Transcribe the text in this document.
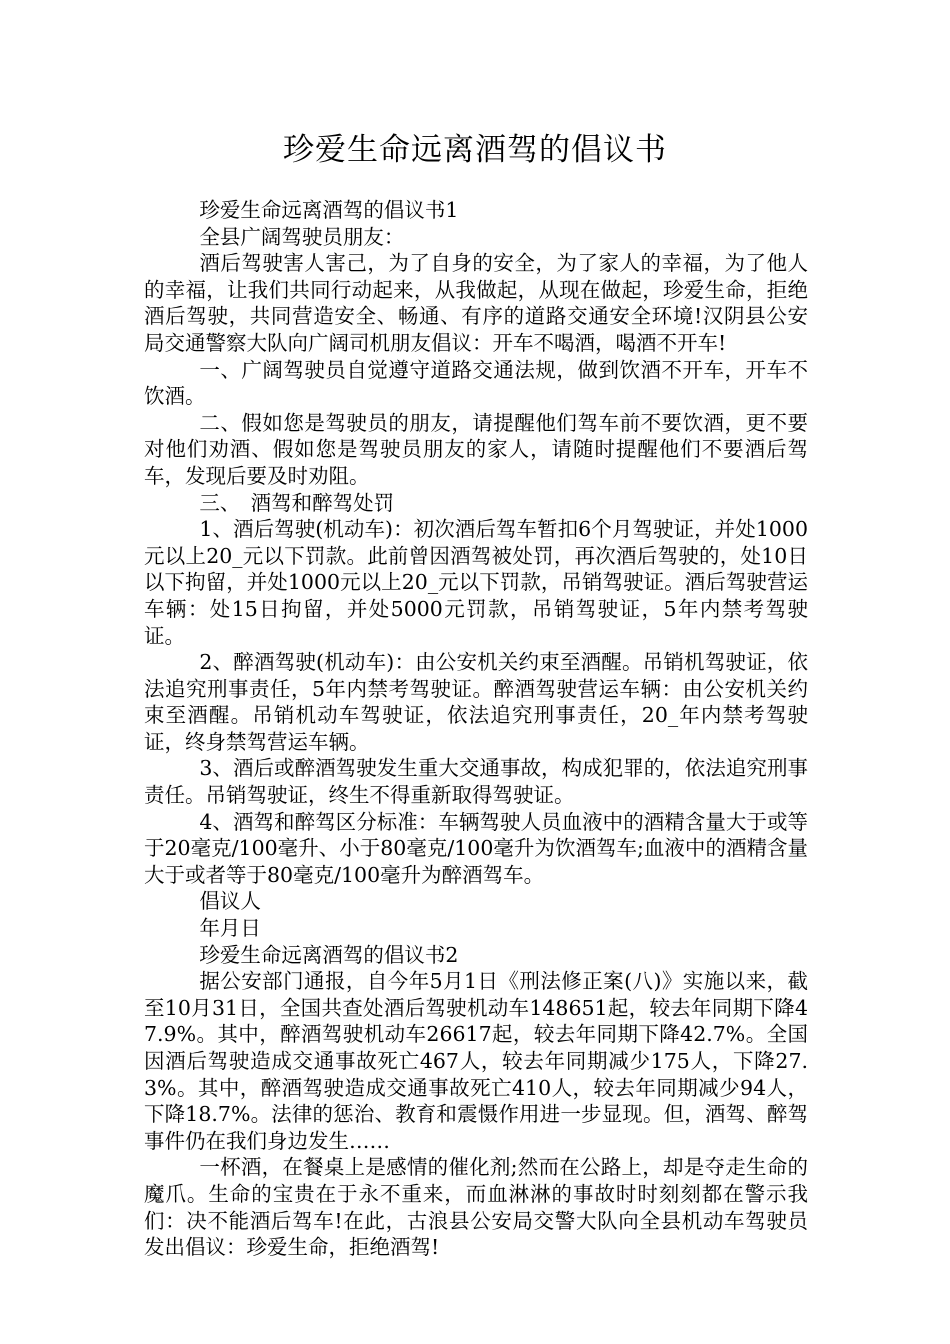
珍爱生命远离酒驾的倡议书

珍爱生命远离酒驾的倡议书1

全县广阔驾驶员朋友：

酒后驾驶害人害己，为了自身的安全，为了家人的幸福，为了他人的幸福，让我们共同行动起来，从我做起，从现在做起，珍爱生命，拒绝酒后驾驶，共同营造安全、畅通、有序的道路交通安全环境!汉阴县公安局交通警察大队向广阔司机朋友倡议：开车不喝酒，喝酒不开车!

一、广阔驾驶员自觉遵守道路交通法规，做到饮酒不开车，开车不饮酒。

二、假如您是驾驶员的朋友，请提醒他们驾车前不要饮酒，更不要对他们劝酒、假如您是驾驶员朋友的家人，请随时提醒他们不要酒后驾车，发现后要及时劝阻。

三、　酒驾和醉驾处罚

1、酒后驾驶(机动车)：初次酒后驾车暂扣6个月驾驶证，并处1000元以上20_元以下罚款。此前曾因酒驾被处罚，再次酒后驾驶的，处10日以下拘留，并处1000元以上20_元以下罚款，吊销驾驶证。酒后驾驶营运车辆：处15日拘留，并处5000元罚款，吊销驾驶证，5年内禁考驾驶证。

2、醉酒驾驶(机动车)：由公安机关约束至酒醒。吊销机驾驶证，依法追究刑事责任，5年内禁考驾驶证。醉酒驾驶营运车辆：由公安机关约束至酒醒。吊销机动车驾驶证，依法追究刑事责任，20_年内禁考驾驶证，终身禁驾营运车辆。

3、酒后或醉酒驾驶发生重大交通事故，构成犯罪的，依法追究刑事责任。吊销驾驶证，终生不得重新取得驾驶证。

4、酒驾和醉驾区分标准：车辆驾驶人员血液中的酒精含量大于或等于20毫克/100毫升、小于80毫克/100毫升为饮酒驾车;血液中的酒精含量大于或者等于80毫克/100毫升为醉酒驾车。

倡议人

年月日

珍爱生命远离酒驾的倡议书2

据公安部门通报，自今年5月1日《刑法修正案(八)》实施以来，截至10月31日，全国共查处酒后驾驶机动车148651起，较去年同期下降47.9%。其中，醉酒驾驶机动车26617起，较去年同期下降42.7%。全国因酒后驾驶造成交通事故死亡467人，较去年同期减少175人，下降27.3%。其中，醉酒驾驶造成交通事故死亡410人，较去年同期减少94人，下降18.7%。法律的惩治、教育和震慑作用进一步显现。但，酒驾、醉驾事件仍在我们身边发生……

一杯酒，在餐桌上是感情的催化剂;然而在公路上，却是夺走生命的魔爪。生命的宝贵在于永不重来，而血淋淋的事故时时刻刻都在警示我们：决不能酒后驾车!在此，古浪县公安局交警大队向全县机动车驾驶员发出倡议：珍爱生命，拒绝酒驾!
